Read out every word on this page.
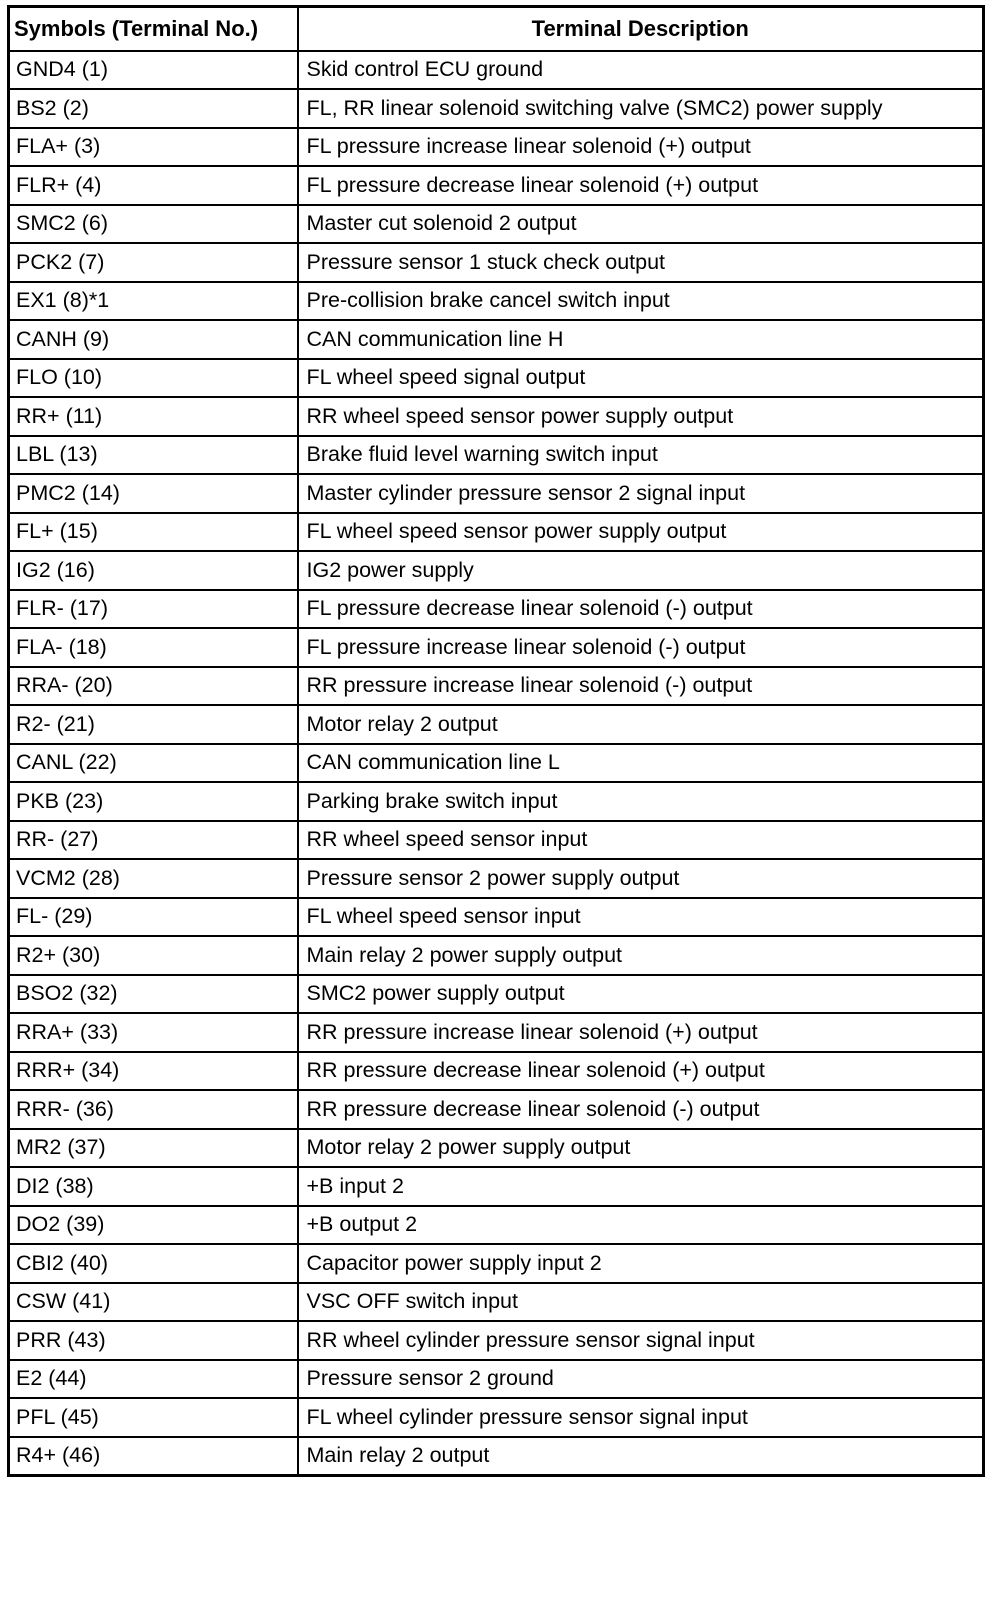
Symbols (Terminal No.)	Terminal Description
GND4 (1)	Skid control ECU ground
BS2 (2)	FL, RR linear solenoid switching valve (SMC2) power supply
FLA+ (3)	FL pressure increase linear solenoid (+) output
FLR+ (4)	FL pressure decrease linear solenoid (+) output
SMC2 (6)	Master cut solenoid 2 output
PCK2 (7)	Pressure sensor 1 stuck check output
EX1 (8)*1	Pre-collision brake cancel switch input
CANH (9)	CAN communication line H
FLO (10)	FL wheel speed signal output
RR+ (11)	RR wheel speed sensor power supply output
LBL (13)	Brake fluid level warning switch input
PMC2 (14)	Master cylinder pressure sensor 2 signal input
FL+ (15)	FL wheel speed sensor power supply output
IG2 (16)	IG2 power supply
FLR- (17)	FL pressure decrease linear solenoid (-) output
FLA- (18)	FL pressure increase linear solenoid (-) output
RRA- (20)	RR pressure increase linear solenoid (-) output
R2- (21)	Motor relay 2 output
CANL (22)	CAN communication line L
PKB (23)	Parking brake switch input
RR- (27)	RR wheel speed sensor input
VCM2 (28)	Pressure sensor 2 power supply output
FL- (29)	FL wheel speed sensor input
R2+ (30)	Main relay 2 power supply output
BSO2 (32)	SMC2 power supply output
RRA+ (33)	RR pressure increase linear solenoid (+) output
RRR+ (34)	RR pressure decrease linear solenoid (+) output
RRR- (36)	RR pressure decrease linear solenoid (-) output
MR2 (37)	Motor relay 2 power supply output
DI2 (38)	+B input 2
DO2 (39)	+B output 2
CBI2 (40)	Capacitor power supply input 2
CSW (41)	VSC OFF switch input
PRR (43)	RR wheel cylinder pressure sensor signal input
E2 (44)	Pressure sensor 2 ground
PFL (45)	FL wheel cylinder pressure sensor signal input
R4+ (46)	Main relay 2 output
